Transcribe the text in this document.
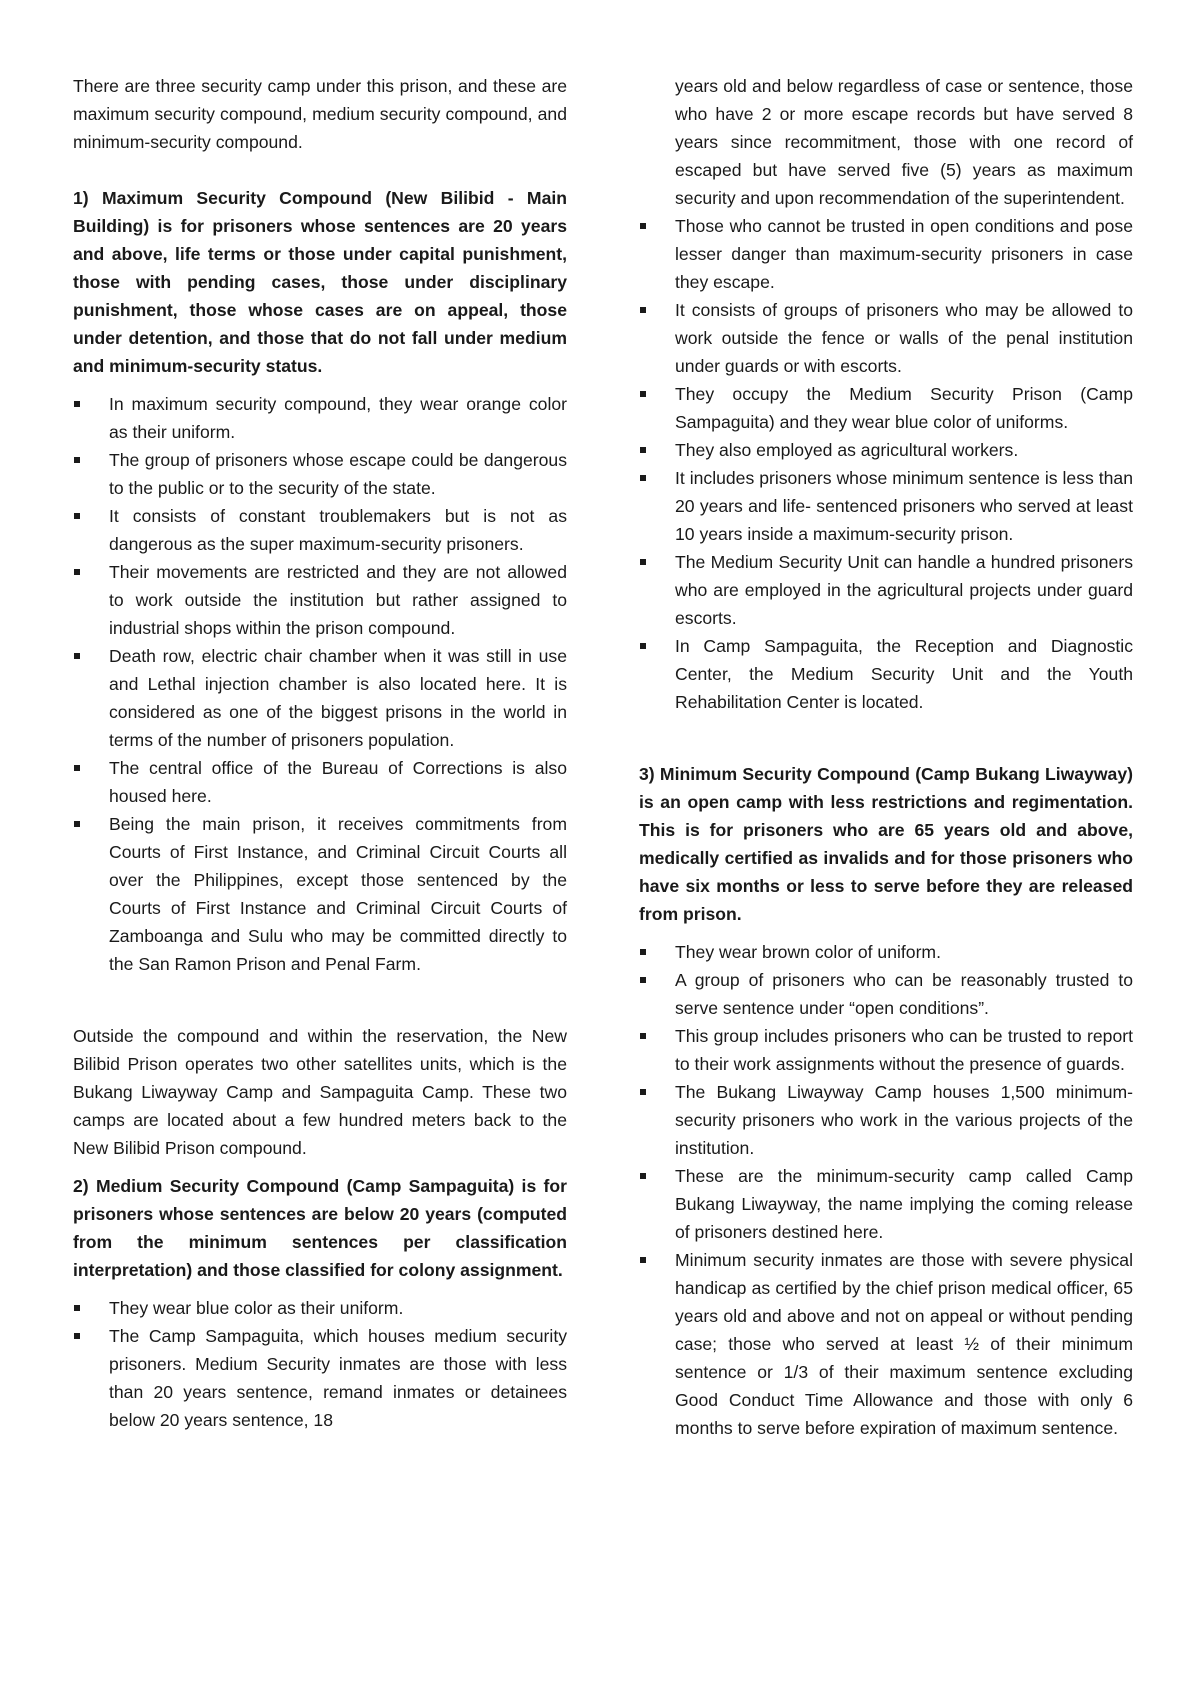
There are three security camp under this prison, and these are maximum security compound, medium security compound, and minimum-security compound.

1) Maximum Security Compound (New Bilibid - Main Building) is for prisoners whose sentences are 20 years and above, life terms or those under capital punishment, those with pending cases, those under disciplinary punishment, those whose cases are on appeal, those under detention, and those that do not fall under medium and minimum-security status.

In maximum security compound, they wear orange color as their uniform.
The group of prisoners whose escape could be dangerous to the public or to the security of the state.
It consists of constant troublemakers but is not as dangerous as the super maximum-security prisoners.
Their movements are restricted and they are not allowed to work outside the institution but rather assigned to industrial shops within the prison compound.
Death row, electric chair chamber when it was still in use and Lethal injection chamber is also located here. It is considered as one of the biggest prisons in the world in terms of the number of prisoners population.
The central office of the Bureau of Corrections is also housed here.
Being the main prison, it receives commitments from Courts of First Instance, and Criminal Circuit Courts all over the Philippines, except those sentenced by the Courts of First Instance and Criminal Circuit Courts of Zamboanga and Sulu who may be committed directly to the San Ramon Prison and Penal Farm.

Outside the compound and within the reservation, the New Bilibid Prison operates two other satellites units, which is the Bukang Liwayway Camp and Sampaguita Camp. These two camps are located about a few hundred meters back to the New Bilibid Prison compound.

2) Medium Security Compound (Camp Sampaguita) is for prisoners whose sentences are below 20 years (computed from the minimum sentences per classification interpretation) and those classified for colony assignment.

They wear blue color as their uniform.
The Camp Sampaguita, which houses medium security prisoners. Medium Security inmates are those with less than 20 years sentence, remand inmates or detainees below 20 years sentence, 18

years old and below regardless of case or sentence, those who have 2 or more escape records but have served 8 years since recommitment, those with one record of escaped but have served five (5) years as maximum security and upon recommendation of the superintendent.

Those who cannot be trusted in open conditions and pose lesser danger than maximum-security prisoners in case they escape.
It consists of groups of prisoners who may be allowed to work outside the fence or walls of the penal institution under guards or with escorts.
They occupy the Medium Security Prison (Camp Sampaguita) and they wear blue color of uniforms.
They also employed as agricultural workers.
It includes prisoners whose minimum sentence is less than 20 years and life- sentenced prisoners who served at least 10 years inside a maximum-security prison.
The Medium Security Unit can handle a hundred prisoners who are employed in the agricultural projects under guard escorts.
In Camp Sampaguita, the Reception and Diagnostic Center, the Medium Security Unit and the Youth Rehabilitation Center is located.

3) Minimum Security Compound (Camp Bukang Liwayway) is an open camp with less restrictions and regimentation. This is for prisoners who are 65 years old and above, medically certified as invalids and for those prisoners who have six months or less to serve before they are released from prison.

They wear brown color of uniform.
A group of prisoners who can be reasonably trusted to serve sentence under “open conditions”.
This group includes prisoners who can be trusted to report to their work assignments without the presence of guards.
The Bukang Liwayway Camp houses 1,500 minimum-security prisoners who work in the various projects of the institution.
These are the minimum-security camp called Camp Bukang Liwayway, the name implying the coming release of prisoners destined here.
Minimum security inmates are those with severe physical handicap as certified by the chief prison medical officer, 65 years old and above and not on appeal or without pending case; those who served at least ½ of their minimum sentence or 1/3 of their maximum sentence excluding Good Conduct Time Allowance and those with only 6 months to serve before expiration of maximum sentence.
